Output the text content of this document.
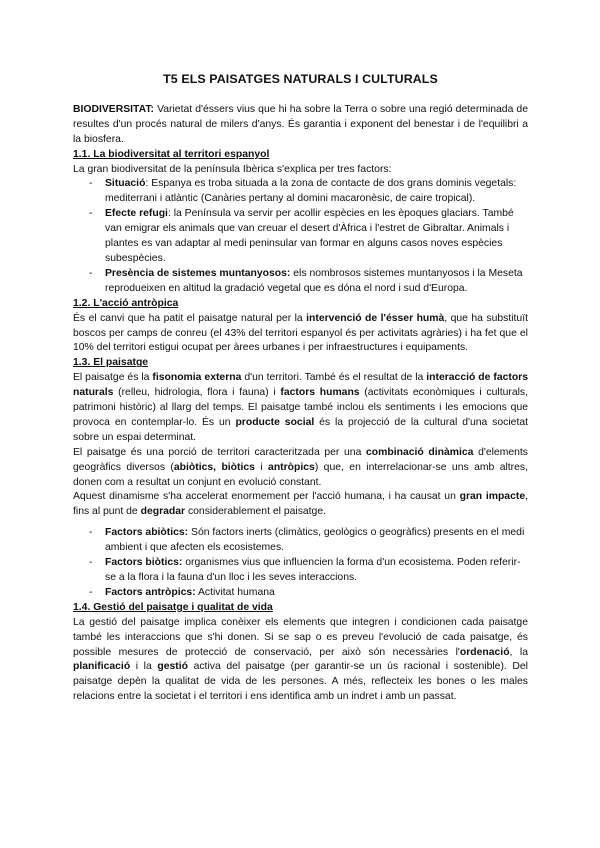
T5 ELS PAISATGES NATURALS I CULTURALS

BIODIVERSITAT: Varietat d'éssers vius que hi ha sobre la Terra o sobre una regió determinada de resultes d'un procés natural de milers d'anys. És garantia i exponent del benestar i de l'equilibri a la biosfera.

1.1. La biodiversitat al territori espanyol

La gran biodiversitat de la península Ibèrica s'explica per tres factors:

- Situació: Espanya es troba situada a la zona de contacte de dos grans dominis vegetals: mediterrani i atlàntic (Canàries pertany al domini macaronèsic, de caire tropical).
- Efecte refugi: la Península va servir per acollir espècies en les èpoques glaciars. També van emigrar els animals que van creuar el desert d'Àfrica i l'estret de Gibraltar. Animals i plantes es van adaptar al medi peninsular van formar en alguns casos noves espècies subespècies.
- Presència de sistemes muntanyosos: els nombrosos sistemes muntanyosos i la Meseta reprodueixen en altitud la gradació vegetal que es dóna el nord i sud d'Europa.
1.2. L'acció antròpica

És el canvi que ha patit el paisatge natural per la intervenció de l'ésser humà, que ha substituït boscos per camps de conreu (el 43% del territori espanyol és per activitats agràries) i ha fet que el 10% del territori estigui ocupat per àrees urbanes i per infraestructures i equipaments.

1.3. El paisatge

El paisatge és la fisonomia externa d'un territori. També és el resultat de la interacció de factors naturals (relleu, hidrologia, flora i fauna) i factors humans (activitats econòmiques i culturals, patrimoni històric) al llarg del temps. El paisatge també inclou els sentiments i les emocions que provoca en contemplar-lo. És un producte social és la projecció de la cultural d'una societat sobre un espai determinat.

El paisatge és una porció de territori caracteritzada per una combinació dinàmica d'elements geogràfics diversos (abiòtics, biòtics i antròpics) que, en interrelacionar-se uns amb altres, donen com a resultat un conjunt en evolució constant.

Aquest dinamisme s'ha accelerat enormement per l'acció humana, i ha causat un gran impacte, fins al punt de degradar considerablement el paisatge.

- Factors abiòtics: Són factors inerts (climàtics, geològics o geogràfics) presents en el medi ambient i que afecten els ecosistemes.
- Factors biòtics: organismes vius que influencien la forma d'un ecosistema. Poden referir-se a la flora i la fauna d'un lloc i les seves interaccions.
- Factors antròpics: Activitat humana
1.4. Gestió del paisatge i qualitat de vida

La gestió del paisatge implica conèixer els elements que integren i condicionen cada paisatge també les interaccions que s'hi donen. Si se sap o es preveu l'evolució de cada paisatge, és possible mesures de protecció de conservació, per això són necessàries l'ordenació, la planificació i la gestió activa del paisatge (per garantir-se un ús racional i sostenible). Del paisatge depèn la qualitat de vida de les persones. A més, reflecteix les bones o les males relacions entre la societat i el territori i ens identifica amb un indret i amb un passat.
